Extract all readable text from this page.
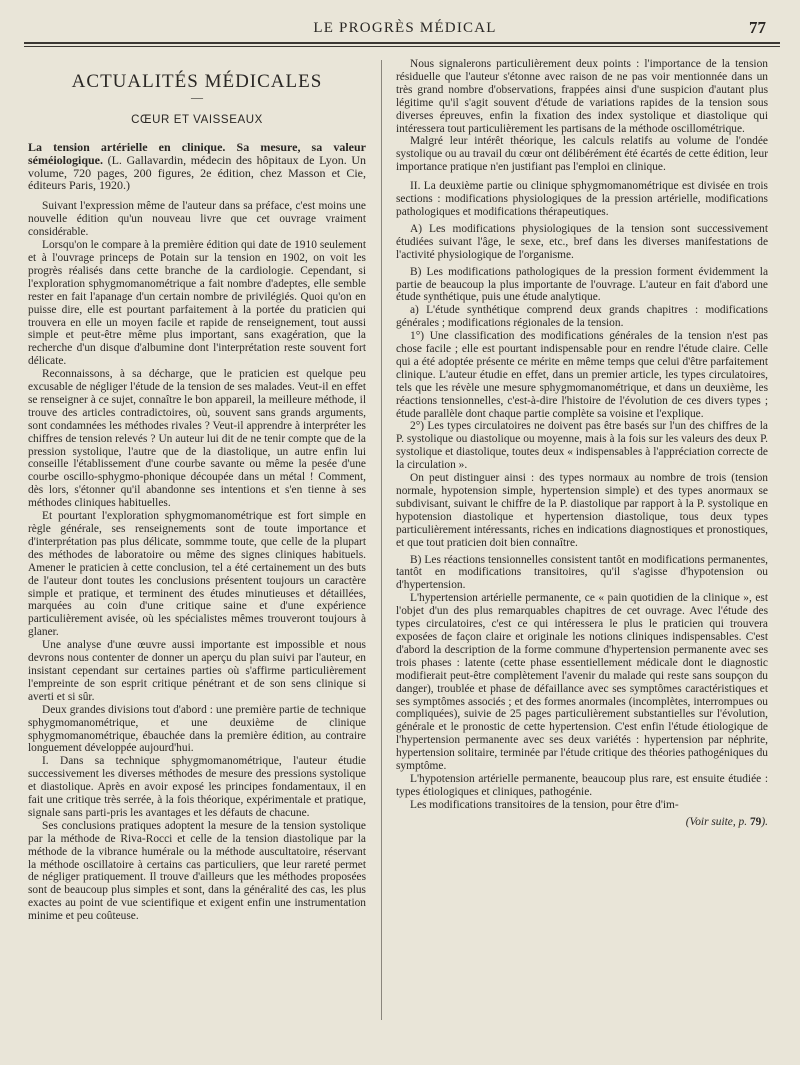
LE PROGRÈS MÉDICAL	77
ACTUALITÉS MÉDICALES
—
CŒUR ET VAISSEAUX
La tension artérielle en clinique. Sa mesure, sa valeur séméiologique. (L. Gallavardin, médecin des hôpitaux de Lyon. Un volume, 720 pages, 200 figures, 2e édition, chez Masson et Cie, éditeurs Paris, 1920.)

Suivant l'expression même de l'auteur dans sa préface, c'est moins une nouvelle édition qu'un nouveau livre que cet ouvrage vraiment considérable.

Lorsqu'on le compare à la première édition qui date de 1910 seulement et à l'ouvrage princeps de Potain sur la tension en 1902, on voit les progrès réalisés dans cette branche de la cardiologie. Cependant, si l'exploration sphygmomanométrique a fait nombre d'adeptes, elle semble rester en fait l'apanage d'un certain nombre de privilégiés. Quoi qu'on en puisse dire, elle est pourtant parfaitement à la portée du praticien qui trouvera en elle un moyen facile et rapide de renseignement, tout aussi simple et peut-être même plus important, sans exagération, que la recherche d'un disque d'albumine dont l'interprétation reste souvent fort délicate.

Reconnaissons, à sa décharge, que le praticien est quelque peu excusable de négliger l'étude de la tension de ses malades. Veut-il en effet se renseigner à ce sujet, connaître le bon appareil, la meilleure méthode, il trouve des articles contradictoires, où, souvent sans grands arguments, sont condamnées les méthodes rivales ? Veut-il apprendre à interpréter les chiffres de tension relevés ? Un auteur lui dit de ne tenir compte que de la pression systolique, l'autre que de la diastolique, un autre enfin lui conseille l'établissement d'une courbe savante ou même la pesée d'une courbe oscillo-sphygmo-phonique découpée dans un métal ! Comment, dès lors, s'étonner qu'il abandonne ses intentions et s'en tienne à ses méthodes cliniques habituelles.

Et pourtant l'exploration sphygmomanométrique est fort simple en règle générale, ses renseignements sont de toute importance et d'interprétation pas plus délicate, sommme toute, que celle de la plupart des méthodes de laboratoire ou même des signes cliniques habituels. Amener le praticien à cette conclusion, tel a été certainement un des buts de l'auteur dont toutes les conclusions présentent toujours un caractère simple et pratique, et terminent des études minutieuses et détaillées, marquées au coin d'une critique saine et d'une expérience particulièrement avisée, où les spécialistes mêmes trouveront toujours à glaner.

Une analyse d'une œuvre aussi importante est impossible et nous devrons nous contenter de donner un aperçu du plan suivi par l'auteur, en insistant cependant sur certaines parties où s'affirme particulièrement l'empreinte de son esprit critique pénétrant et de son sens clinique si averti et si sûr.

Deux grandes divisions tout d'abord : une première partie de technique sphygmomanométrique, et une deuxième de clinique sphygmomanométrique, ébauchée dans la première édition, au contraire longuement développée aujourd'hui.

I. Dans sa technique sphygmomanométrique, l'auteur étudie successivement les diverses méthodes de mesure des pressions systolique et diastolique. Après en avoir exposé les principes fondamentaux, il en fait une critique très serrée, à la fois théorique, expérimentale et pratique, signale sans parti-pris les avantages et les défauts de chacune.

Ses conclusions pratiques adoptent la mesure de la tension systolique par la méthode de Riva-Rocci et celle de la tension diastolique par la méthode de la vibrance humérale ou la méthode auscultatoire, réservant la méthode oscillatoire à certains cas particuliers, que leur rareté permet de négliger pratiquement. Il trouve d'ailleurs que les méthodes proposées sont de beaucoup plus simples et sont, dans la généralité des cas, les plus exactes au point de vue scientifique et exigent enfin une instrumentation minime et peu coûteuse.

Nous signalerons particulièrement deux points : l'importance de la tension résiduelle que l'auteur s'étonne avec raison de ne pas voir mentionnée dans un très grand nombre d'observations, frappées ainsi d'une suspicion d'autant plus légitime qu'il s'agit souvent d'étude de variations rapides de la tension sous diverses épreuves, enfin la fixation des index systolique et diastolique qui intéressera tout particulièrement les partisans de la méthode oscillométrique.

Malgré leur intérêt théorique, les calculs relatifs au volume de l'ondée systolique ou au travail du cœur ont délibérément été écartés de cette édition, leur importance pratique n'en justifiant pas l'emploi en clinique.

II. La deuxième partie ou clinique sphygmomanométrique est divisée en trois sections : modifications physiologiques de la pression artérielle, modifications pathologiques et modifications thérapeutiques.

A) Les modifications physiologiques de la tension sont successivement étudiées suivant l'âge, le sexe, etc., bref dans les diverses manifestations de l'activité physiologique de l'organisme.

B) Les modifications pathologiques de la pression forment évidemment la partie de beaucoup la plus importante de l'ouvrage. L'auteur en fait d'abord une étude synthétique, puis une étude analytique.

a) L'étude synthétique comprend deux grands chapitres : modifications générales ; modifications régionales de la tension.

1°) Une classification des modifications générales de la tension n'est pas chose facile ; elle est pourtant indispensable pour en rendre l'étude claire. Celle qui a été adoptée présente ce mérite en même temps que celui d'être parfaitement clinique. L'auteur étudie en effet, dans un premier article, les types circulatoires, tels que les révèle une mesure sphygmomanométrique, et dans un deuxième, les réactions tensionnelles, c'est-à-dire l'histoire de l'évolution de ces divers types ; étude parallèle dont chaque partie complète sa voisine et l'explique.

2°) Les types circulatoires ne doivent pas être basés sur l'un des chiffres de la P. systolique ou diastolique ou moyenne, mais à la fois sur les valeurs des deux P. systolique et diastolique, toutes deux « indispensables à l'appréciation correcte de la circulation ».

On peut distinguer ainsi : des types normaux au nombre de trois (tension normale, hypotension simple, hypertension simple) et des types anormaux se subdivisant, suivant le chiffre de la P. diastolique par rapport à la P. systolique en hypotension diastolique et hypertension diastolique, tous deux types particulièrement intéressants, riches en indications diagnostiques et pronostiques, et que tout praticien doit bien connaître.

B) Les réactions tensionnelles consistent tantôt en modifications permanentes, tantôt en modifications transitoires, qu'il s'agisse d'hypotension ou d'hypertension.

L'hypertension artérielle permanente, ce « pain quotidien de la clinique », est l'objet d'un des plus remarquables chapitres de cet ouvrage. Avec l'étude des types circulatoires, c'est ce qui intéressera le plus le praticien qui trouvera exposées de façon claire et originale les notions cliniques indispensables. C'est d'abord la description de la forme commune d'hypertension permanente avec ses trois phases : latente (cette phase essentiellement médicale dont le diagnostic modifierait peut-être complètement l'avenir du malade qui reste sans soupçon du danger), troublée et phase de défaillance avec ses symptômes caractéristiques et ses symptômes associés ; et des formes anormales (incomplètes, interrompues ou compliquées), suivie de 25 pages particulièrement substantielles sur l'évolution, générale et le pronostic de cette hypertension. C'est enfin l'étude étiologique de l'hypertension permanente avec ses deux variétés : hypertension par néphrite, hypertension solitaire, terminée par l'étude critique des théories pathogéniques du symptôme.

L'hypotension artérielle permanente, beaucoup plus rare, est ensuite étudiée : types étiologiques et cliniques, pathogénie.

Les modifications transitoires de la tension, pour être d'im-

(Voir suite, p. 79).
